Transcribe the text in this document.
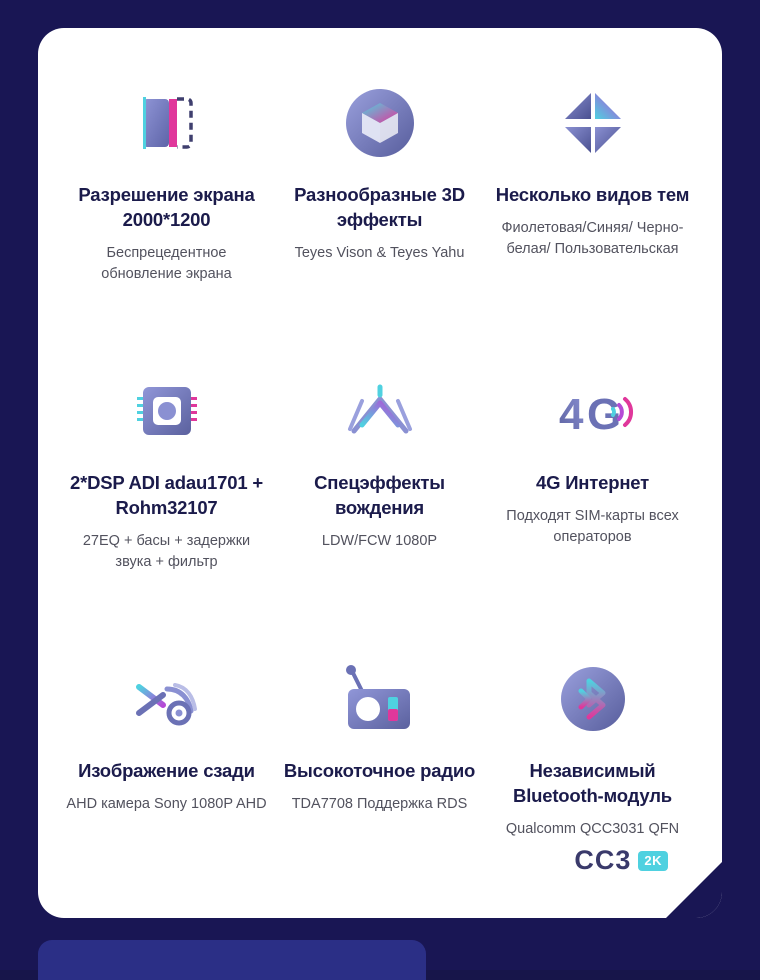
Разрешение экрана 2000*1200
Беспрецедентное обновление экрана
Разнообразные 3D эффекты
Teyes Vison & Teyes Yahu
Несколько видов тем
Фиолетовая/Синяя/ Черно-белая/ Пользовательская
2*DSP ADI adau1701 + Rohm32107
27EQ + басы + задержки звука + фильтр
Спецэффекты вождения
LDW/FCW 1080P
4 G
4G Интернет
Подходят SIM-карты всех операторов
Изображение сзади
AHD камера Sony 1080P AHD
Высокоточное радио
TDA7708 Поддержка RDS
Независимый Bluetooth-модуль
Qualcomm QCC3031 QFN
CC3	2K
